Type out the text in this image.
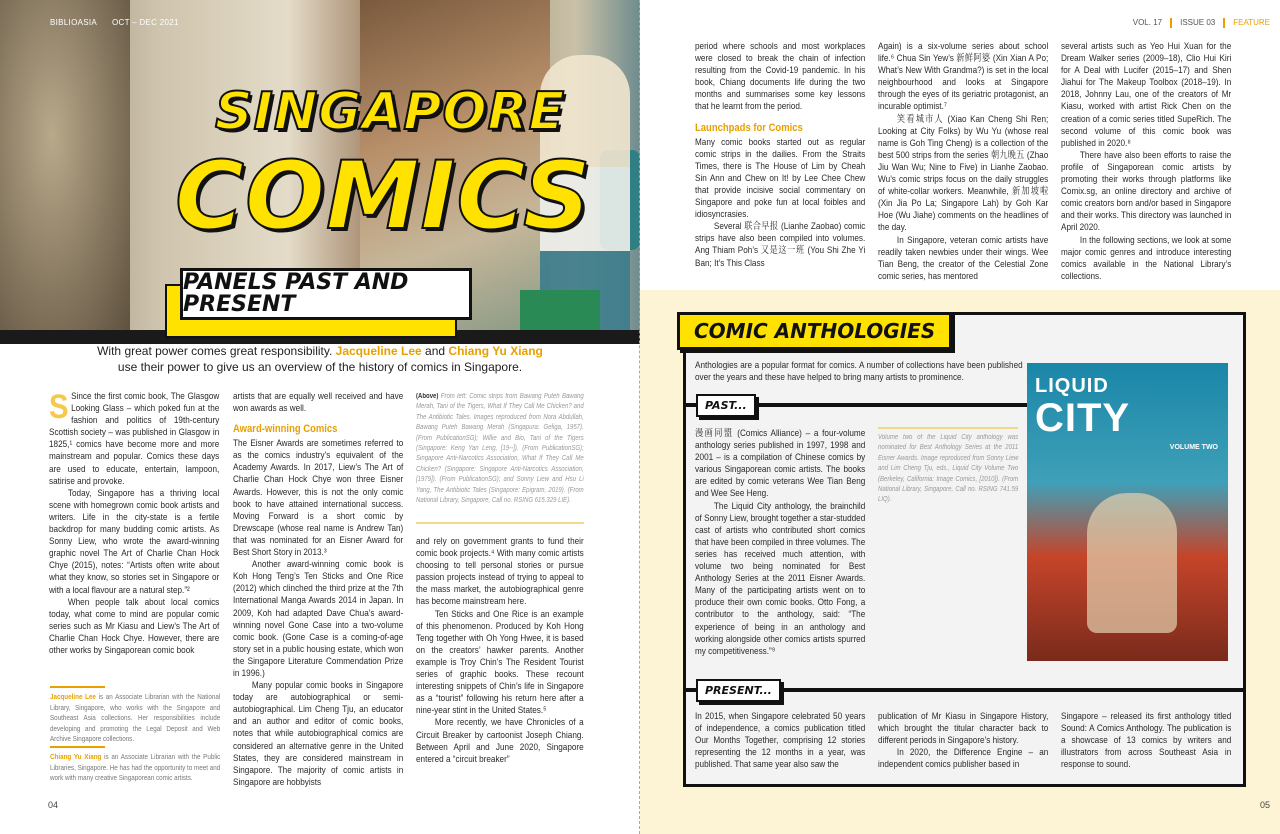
BIBLIOASIA OCT – DEC 2021
SINGAPORE
COMICS
PANELS PAST AND PRESENT
With great power comes great responsibility. Jacqueline Lee and Chiang Yu Xiang use their power to give us an overview of the history of comics in Singapore.
S Since the first comic book, The Glasgow Looking Glass – which poked fun at the fashion and politics of 19th-century Scottish society – was published in Glasgow in 1825,¹ comics have become more and more mainstream and popular. Comics these days are used to educate, entertain, lampoon, satirise and provoke.

Today, Singapore has a thriving local scene with homegrown comic book artists and writers. Life in the city-state is a fertile backdrop for many budding comic artists. As Sonny Liew, who wrote the award-winning graphic novel The Art of Charlie Chan Hock Chye (2015), notes: “Artists often write about what they know, so stories set in Singapore or with a local flavour are a natural step.”²

When people talk about local comics today, what come to mind are popular comic series such as Mr Kiasu and Liew’s The Art of Charlie Chan Hock Chye. However, there are other works by Singaporean comic book

Jacqueline Lee is an Associate Librarian with the National Library, Singapore, who works with the Singapore and Southeast Asia collections. Her responsibilities include developing and promoting the Legal Deposit and Web Archive Singapore collections.
Chiang Yu Xiang is an Associate Librarian with the Public Libraries, Singapore. He has had the opportunity to meet and work with many creative Singaporean comic artists.

artists that are equally well received and have won awards as well.

Award-winning Comics

The Eisner Awards are sometimes referred to as the comics industry’s equivalent of the Academy Awards. In 2017, Liew’s The Art of Charlie Chan Hock Chye won three Eisner Awards. However, this is not the only comic book to have attained international success. Moving Forward is a short comic by Drewscape (whose real name is Andrew Tan) that was nominated for an Eisner Award for Best Short Story in 2013.³

Another award-winning comic book is Koh Hong Teng’s Ten Sticks and One Rice (2012) which clinched the third prize at the 7th International Manga Awards 2014 in Japan. In 2009, Koh had adapted Dave Chua’s award-winning novel Gone Case into a two-volume comic book. (Gone Case is a coming-of-age story set in a public housing estate, which won the Singapore Literature Commendation Prize in 1996.)

Many popular comic books in Singapore today are autobiographical or semi-autobiographical. Lim Cheng Tju, an educator and an author and editor of comic books, notes that while autobiographical comics are considered an alternative genre in the United States, they are considered mainstream in Singapore. The majority of comic artists in Singapore are hobbyists

(Above) From left: Comic strips from Bawang Puteh Bawang Merah, Tani of the Tigers, What If They Call Me Chicken? and The Antibiotic Tales. Images reproduced from Nora Abdullah, Bawang Puteh Bawang Merah (Singapura: Geliga, 1957). (From PublicationSG); Willie and Bio, Tani of the Tigers (Singapore: Keng Yan Leng, [19--]). (From PublicationSG); Singapore Anti-Narcotics Association, What If They Call Me Chicken? (Singapore: Singapore Anti-Narcotics Association, [1979]). (From PublicationSG); and Sonny Liew and Hsu Li Yang, The Antibiotic Tales (Singapore: Epigram, 2019). (From National Library, Singapore, Call no. RSING 615.329 LIE).

and rely on government grants to fund their comic book projects.⁴ With many comic artists choosing to tell personal stories or pursue passion projects instead of trying to appeal to the mass market, the autobiographical genre has become mainstream here.

Ten Sticks and One Rice is an example of this phenomenon. Produced by Koh Hong Teng together with Oh Yong Hwee, it is based on the creators’ hawker parents. Another example is Troy Chin’s The Resident Tourist series of graphic books. These recount interesting snippets of Chin’s life in Singapore as a “tourist” following his return here after a nine-year stint in the United States.⁵

More recently, we have Chronicles of a Circuit Breaker by cartoonist Joseph Chiang. Between April and June 2020, Singapore entered a “circuit breaker”

04
VOL. 17	ISSUE 03	FEATURE

period where schools and most workplaces were closed to break the chain of infection resulting from the Covid-19 pandemic. In his book, Chiang documents life during the two months and summarises some key lessons that he learnt from the period.

Launchpads for Comics

Many comic books started out as regular comic strips in the dailies. From the Straits Times, there is The House of Lim by Cheah Sin Ann and Chew on It! by Lee Chee Chew that provide incisive social commentary on Singapore and poke fun at local foibles and idiosyncrasies.

Several 联合早报 (Lianhe Zaobao) comic strips have also been compiled into volumes. Ang Thiam Poh’s 又是这一班 (You Shi Zhe Yi Ban; It’s This Class

Again) is a six-volume series about school life.⁶ Chua Sin Yew’s 新鲜阿婆 (Xin Xian A Po; What’s New With Grandma?) is set in the local neighbourhood and looks at Singapore through the eyes of its geriatric protagonist, an incurable optimist.⁷

笑看城市人 (Xiao Kan Cheng Shi Ren; Looking at City Folks) by Wu Yu (whose real name is Goh Ting Cheng) is a collection of the best 500 strips from the series 朝九晚五 (Zhao Jiu Wan Wu; Nine to Five) in Lianhe Zaobao. Wu’s comic strips focus on the daily struggles of white-collar workers. Meanwhile, 新加坡啦 (Xin Jia Po La; Singapore Lah) by Goh Kar Hoe (Wu Jiahe) comments on the headlines of the day.

In Singapore, veteran comic artists have readily taken newbies under their wings. Wee Tian Beng, the creator of the Celestial Zone comic series, has mentored

several artists such as Yeo Hui Xuan for the Dream Walker series (2009–18), Clio Hui Kiri for A Deal with Lucifer (2015–17) and Shen Jiahui for The Makeup Toolbox (2018–19). In 2018, Johnny Lau, one of the creators of Mr Kiasu, worked with artist Rick Chen on the creation of a comic series titled SupeRich. The second volume of this comic book was published in 2020.⁸

There have also been efforts to raise the profile of Singaporean comic artists by promoting their works through platforms like Comix.sg, an online directory and archive of comic creators born and/or based in Singapore and their works. This directory was launched in April 2020.

In the following sections, we look at some major comic genres and introduce interesting comics available in the National Library’s collections.

COMIC ANTHOLOGIES

Anthologies are a popular format for comics. A number of collections have been published over the years and these have helped to bring many artists to prominence.

PAST...

漫画同盟 (Comics Alliance) – a four-volume anthology series published in 1997, 1998 and 2001 – is a compilation of Chinese comics by various Singaporean comic artists. The books are edited by comic veterans Wee Tian Beng and Wee See Heng.

The Liquid City anthology, the brainchild of Sonny Liew, brought together a star-studded cast of artists who contributed short comics that have been compiled in three volumes. The series has received much attention, with volume two being nominated for Best Anthology Series at the 2011 Eisner Awards. Many of the participating artists went on to produce their own comic books. Otto Fong, a contributor to the anthology, said: “The experience of being in an anthology and working alongside other comics artists spurred my competitiveness.”⁹

Volume two of the Liquid City anthology was nominated for Best Anthology Series at the 2011 Eisner Awards. Image reproduced from Sonny Liew and Lim Cheng Tju, eds., Liquid City Volume Two (Berkeley, California: Image Comics, [2010]). (From National Library, Singapore, Call no. RSING 741.59 LIQ).
LIQUID
CITY
VOLUME TWO
PRESENT...

In 2015, when Singapore celebrated 50 years of independence, a comics publication titled Our Months Together, comprising 12 stories representing the 12 months in a year, was published. That same year also saw the

publication of Mr Kiasu in Singapore History, which brought the titular character back to different periods in Singapore’s history.

In 2020, the Difference Engine – an independent comics publisher based in

Singapore – released its first anthology titled Sound: A Comics Anthology. The publication is a showcase of 13 comics by writers and illustrators from across Southeast Asia in response to sound.

05
